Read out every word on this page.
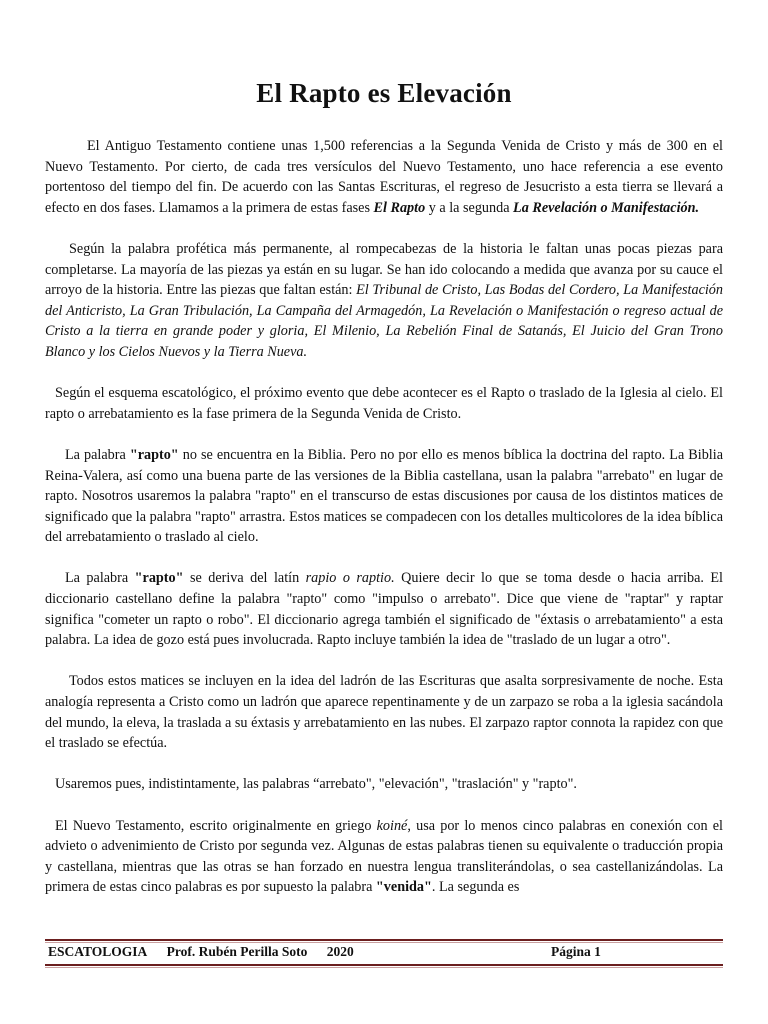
El Rapto es Elevación

El Antiguo Testamento contiene unas 1,500 referencias a la Segunda Venida de Cristo y más de 300 en el Nuevo Testamento. Por cierto, de cada tres versículos del Nuevo Testamento, uno hace referencia a ese evento portentoso del tiempo del fin. De acuerdo con las Santas Escrituras, el regreso de Jesucristo a esta tierra se llevará a efecto en dos fases. Llamamos a la primera de estas fases El Rapto y a la segunda La Revelación o Manifestación.

Según la palabra profética más permanente, al rompecabezas de la historia le faltan unas pocas piezas para completarse. La mayoría de las piezas ya están en su lugar. Se han ido colocando a medida que avanza por su cauce el arroyo de la historia. Entre las piezas que faltan están: El Tribunal de Cristo, Las Bodas del Cordero, La Manifestación del Anticristo, La Gran Tribulación, La Campaña del Armagedón, La Revelación o Manifestación o regreso actual de Cristo a la tierra en grande poder y gloria, El Milenio, La Rebelión Final de Satanás, El Juicio del Gran Trono Blanco y los Cielos Nuevos y la Tierra Nueva.

Según el esquema escatológico, el próximo evento que debe acontecer es el Rapto o traslado de la Iglesia al cielo. El rapto o arrebatamiento es la fase primera de la Segunda Venida de Cristo.

La palabra "rapto" no se encuentra en la Biblia. Pero no por ello es menos bíblica la doctrina del rapto. La Biblia Reina-Valera, así como una buena parte de las versiones de la Biblia castellana, usan la palabra "arrebato" en lugar de rapto. Nosotros usaremos la palabra "rapto" en el transcurso de estas discusiones por causa de los distintos matices de significado que la palabra "rapto" arrastra. Estos matices se compadecen con los detalles multicolores de la idea bíblica del arrebatamiento o traslado al cielo.

La palabra "rapto" se deriva del latín rapio o raptio. Quiere decir lo que se toma desde o hacia arriba. El diccionario castellano define la palabra "rapto" como "impulso o arrebato". Dice que viene de "raptar" y raptar significa "cometer un rapto o robo". El diccionario agrega también el significado de "éxtasis o arrebatamiento" a esta palabra. La idea de gozo está pues involucrada. Rapto incluye también la idea de "traslado de un lugar a otro".

Todos estos matices se incluyen en la idea del ladrón de las Escrituras que asalta sorpresivamente de noche. Esta analogía representa a Cristo como un ladrón que aparece repentinamente y de un zarpazo se roba a la iglesia sacándola del mundo, la eleva, la traslada a su éxtasis y arrebatamiento en las nubes. El zarpazo raptor connota la rapidez con que el traslado se efectúa.

Usaremos pues, indistintamente, las palabras “arrebato", "elevación", "traslación" y "rapto".

El Nuevo Testamento, escrito originalmente en griego koiné, usa por lo menos cinco palabras en conexión con el advieto o advenimiento de Cristo por segunda vez. Algunas de estas palabras tienen su equivalente o traducción propia y castellana, mientras que las otras se han forzado en nuestra lengua transliterándolas, o sea castellanizándolas. La primera de estas cinco palabras es por supuesto la palabra "venida". La segunda es

ESCATOLOGIA Prof. Rubén Perilla Soto 2020	Página 1
